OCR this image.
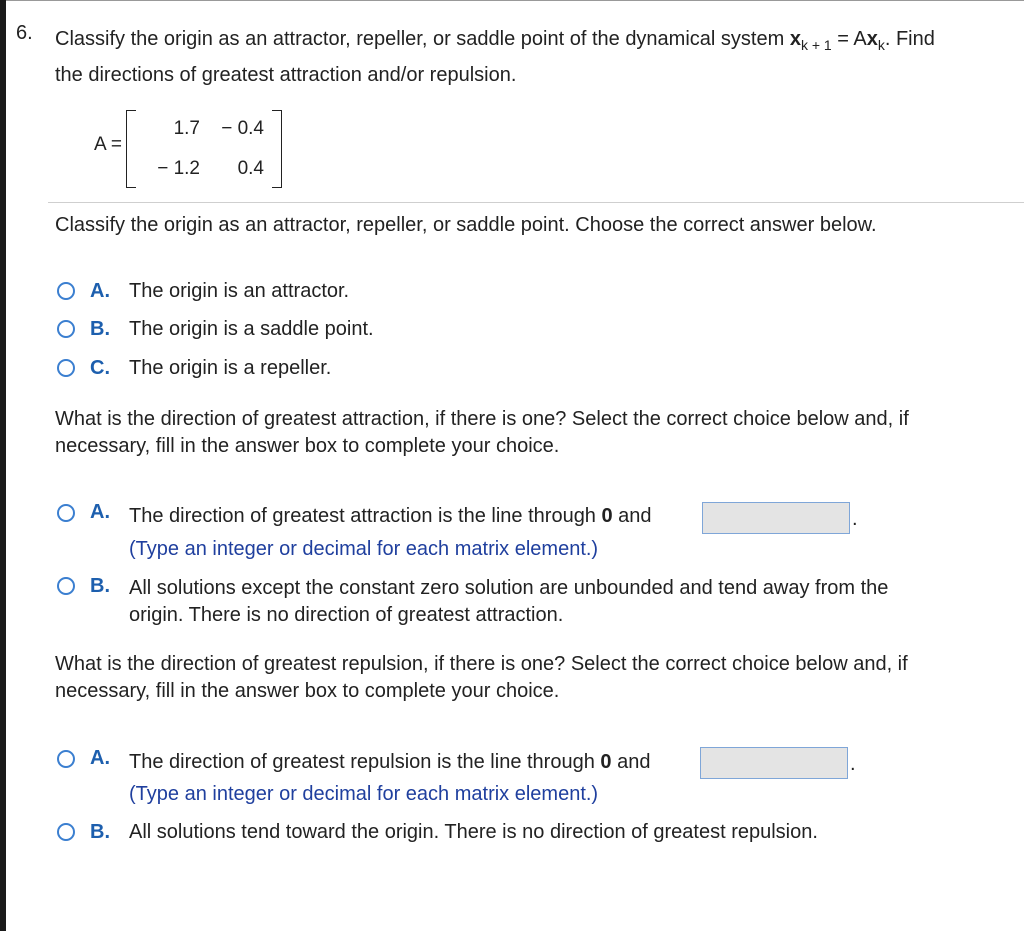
6. Classify the origin as an attractor, repeller, or saddle point of the dynamical system $x_{k + 1} = Ax_k$. Find
the directions of greatest attraction and/or repulsion.
A =
1.7	− 0.4
− 1.2	0.4
Classify the origin as an attractor, repeller, or saddle point. Choose the correct answer below.
A. The origin is an attractor.
B. The origin is a saddle point.
C. The origin is a repeller.
What is the direction of greatest attraction, if there is one? Select the correct choice below and, if
necessary, fill in the answer box to complete your choice.
A. The direction of greatest attraction is the line through 0 and	.
(Type an integer or decimal for each matrix element.)
B. All solutions except the constant zero solution are unbounded and tend away from the
origin. There is no direction of greatest attraction.
What is the direction of greatest repulsion, if there is one? Select the correct choice below and, if
necessary, fill in the answer box to complete your choice.
A. The direction of greatest repulsion is the line through 0 and	.
(Type an integer or decimal for each matrix element.)
B. All solutions tend toward the origin. There is no direction of greatest repulsion.
